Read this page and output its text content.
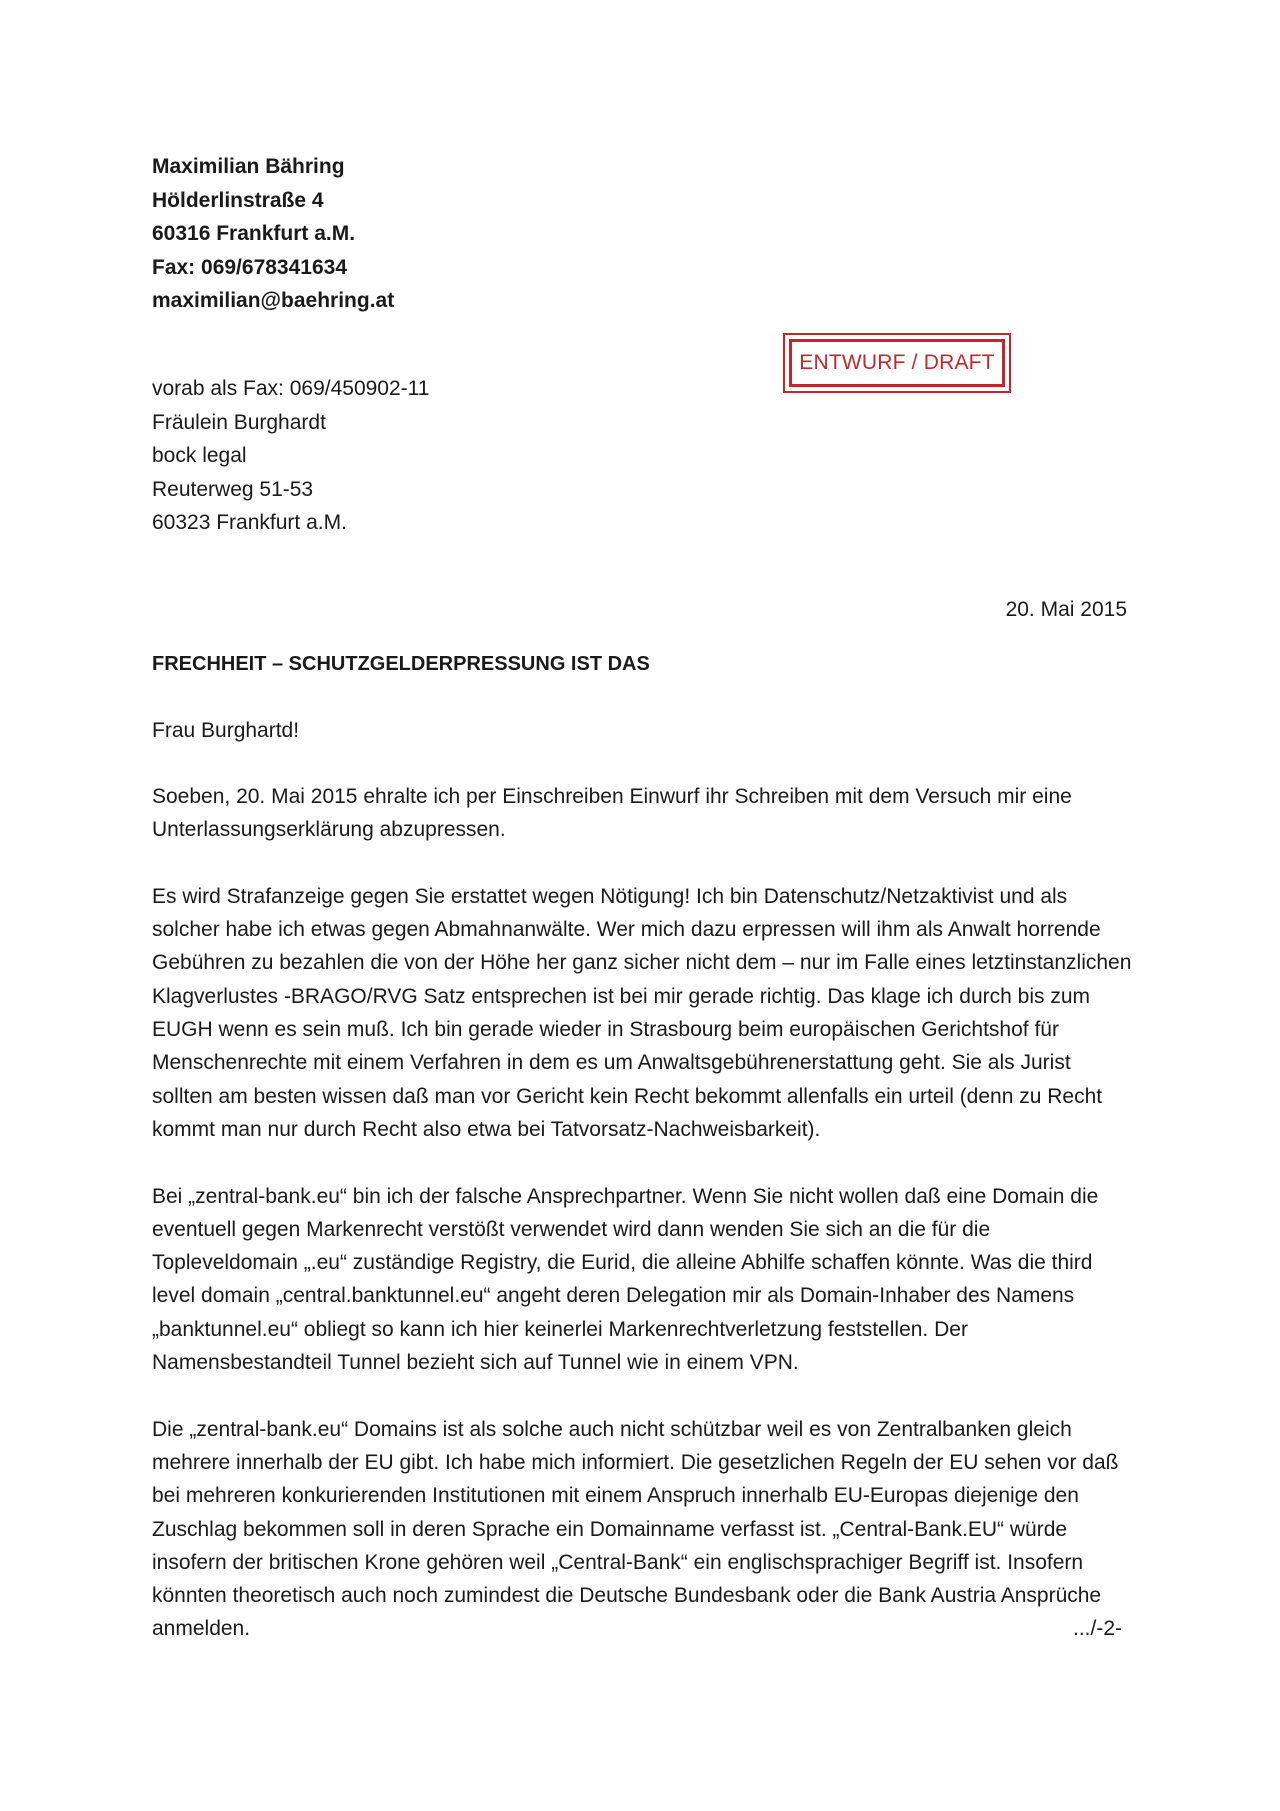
Maximilian Bähring
Hölderlinstraße 4
60316 Frankfurt a.M.
Fax: 069/678341634
maximilian@baehring.at
ENTWURF / DRAFT
vorab als Fax: 069/450902-11
Fräulein Burghardt
bock legal
Reuterweg 51-53
60323 Frankfurt a.M.
20. Mai 2015
FRECHHEIT – SCHUTZGELDERPRESSUNG IST DAS
Frau Burghartd!

Soeben, 20. Mai 2015 ehralte ich per Einschreiben Einwurf ihr Schreiben mit dem Versuch mir eine Unterlassungserklärung abzupressen.

Es wird Strafanzeige gegen Sie erstattet wegen Nötigung! Ich bin Datenschutz/Netzaktivist und als solcher habe ich etwas gegen Abmahnanwälte. Wer mich dazu erpressen will ihm als Anwalt horrende Gebühren zu bezahlen die von der Höhe her ganz sicher nicht dem – nur im Falle eines letztinstanzlichen Klagverlustes -BRAGO/RVG Satz entsprechen ist bei mir gerade richtig. Das klage ich durch bis zum EUGH wenn es sein muß. Ich bin gerade wieder in Strasbourg beim europäischen Gerichtshof für Menschenrechte mit einem Verfahren in dem es um Anwaltsgebührenerstattung geht. Sie als Jurist sollten am besten wissen daß man vor Gericht kein Recht bekommt allenfalls ein urteil (denn zu Recht kommt man nur durch Recht also etwa bei Tatvorsatz-Nachweisbarkeit).

Bei „zentral-bank.eu“ bin ich der falsche Ansprechpartner. Wenn Sie nicht wollen daß eine Domain die eventuell gegen Markenrecht verstößt verwendet wird dann wenden Sie sich an die für die Topleveldomain „.eu“ zuständige Registry, die Eurid, die alleine Abhilfe schaffen könnte. Was die third level domain „central.banktunnel.eu“ angeht deren Delegation mir als Domain-Inhaber des Namens „banktunnel.eu“ obliegt so kann ich hier keinerlei Markenrechtverletzung feststellen. Der Namensbestandteil Tunnel bezieht sich auf Tunnel wie in einem VPN.

Die „zentral-bank.eu“ Domains ist als solche auch nicht schützbar weil es von Zentralbanken gleich mehrere innerhalb der EU gibt. Ich habe mich informiert. Die gesetzlichen Regeln der EU sehen vor daß bei mehreren konkurierenden Institutionen mit einem Anspruch innerhalb EU-Europas diejenige den Zuschlag bekommen soll in deren Sprache ein Domainname verfasst ist. „Central-Bank.EU“ würde insofern der britischen Krone gehören weil „Central-Bank“ ein englischsprachiger Begriff ist. Insofern könnten theoretisch auch noch zumindest die Deutsche Bundesbank oder die Bank Austria Ansprüche anmelden.	.../-2-
